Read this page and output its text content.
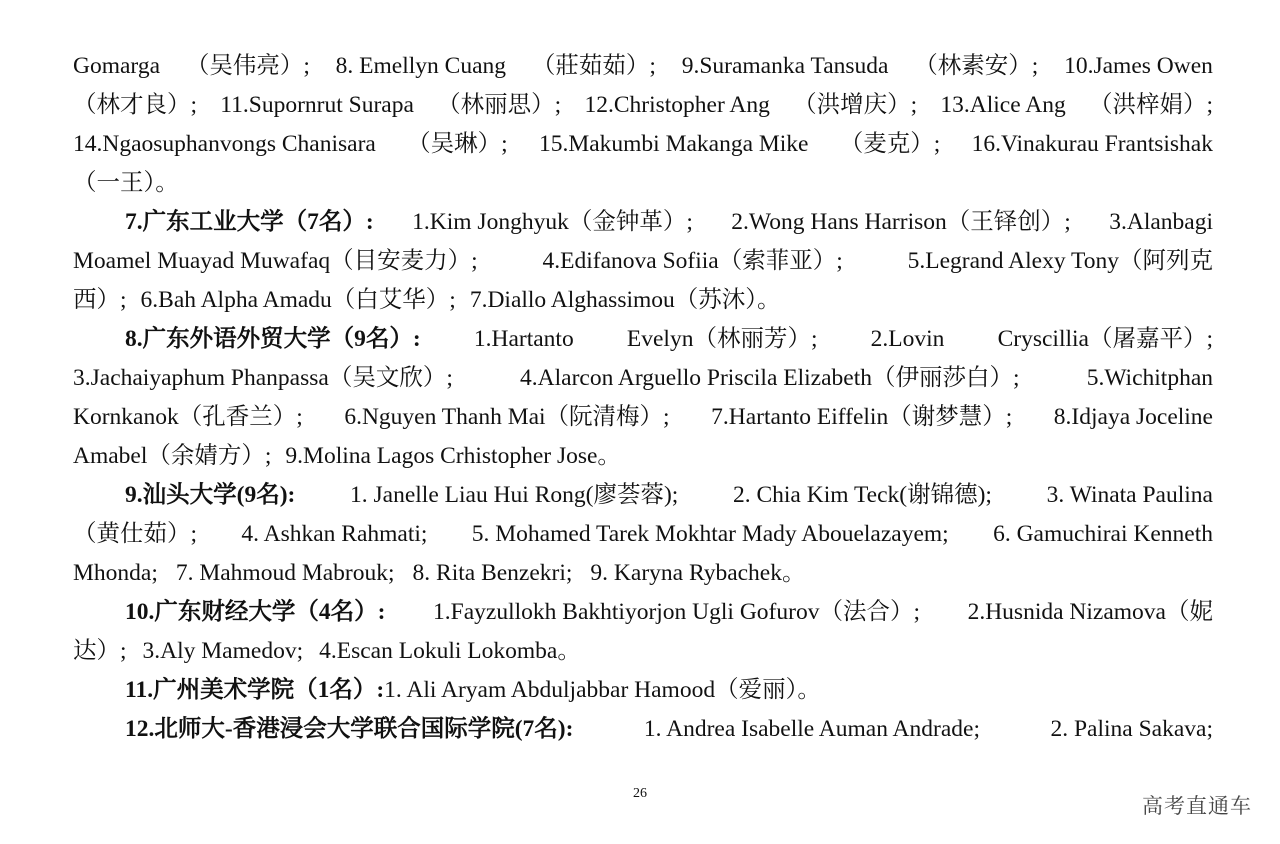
Gomarga （吴伟亮）; 8. Emellyn Cuang （莊茹茹）; 9.Suramanka Tansuda （林素安）; 10.James Owen
（林才良）; 11.Supornrut Surapa （林丽思）; 12.Christopher Ang （洪增庆）; 13.Alice Ang （洪梓娟）;
14.Ngaosuphanvongs Chanisara （吴琳）; 15.Makumbi Makanga Mike （麦克）; 16.Vinakurau Frantsishak
（一王）。
7.广东工业大学（7名）: 1.Kim Jonghyuk（金钟革）; 2.Wong Hans Harrison（王铎创）; 3.Alanbagi
Moamel Muayad Muwafaq（目安麦力）;	4.Edifanova Sofiia（索菲亚）;	5.Legrand Alexy Tony（阿列克
西）; 6.Bah Alpha Amadu（白艾华）; 7.Diallo Alghassimou（苏沐）。
8.广东外语外贸大学（9名）: 1.Hartanto Evelyn（林丽芳）; 2.Lovin Cryscillia（屠嘉平）;
3.Jachaiyaphum Phanpassa（吴文欣）;	4.Alarcon Arguello Priscila Elizabeth（伊丽莎白）;	5.Wichitphan
Kornkanok（孔香兰）; 6.Nguyen Thanh Mai（阮清梅）; 7.Hartanto Eiffelin（谢梦慧）; 8.Idjaya Joceline
Amabel（余婧方）; 9.Molina Lagos Crhistopher Jose。
9.汕头大学(9名): 1. Janelle Liau Hui Rong(廖荟蓉); 2. Chia Kim Teck(谢锦德); 3. Winata Paulina
（黄仕茹）; 4. Ashkan Rahmati; 5. Mohamed Tarek Mokhtar Mady Abouelazayem; 6. Gamuchirai Kenneth
Mhonda; 7. Mahmoud Mabrouk; 8. Rita Benzekri; 9. Karyna Rybachek。
10.广东财经大学（4名）: 1.Fayzullokh Bakhtiyorjon Ugli Gofurov（法合）; 2.Husnida Nizamova（妮
达）; 3.Aly Mamedov; 4.Escan Lokuli Lokomba。
11.广州美术学院（1名）: 1. Ali Aryam Abduljabbar Hamood（爱丽）。
12.北师大-香港浸会大学联合国际学院(7名):	1. Andrea Isabelle Auman Andrade;	2. Palina Sakava;
26
高考直通车
